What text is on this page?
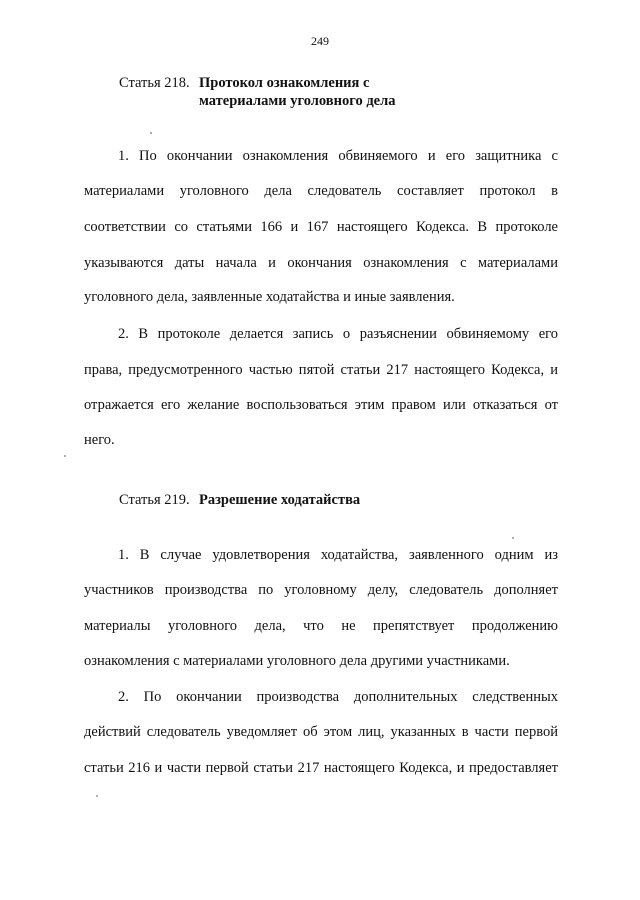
249
Статья 218. Протокол ознакомления с
материалами уголовного дела
1. По окончании ознакомления обвиняемого и его защитника с
материалами уголовного дела следователь составляет протокол в
соответствии со статьями 166 и 167 настоящего Кодекса. В протоколе
указываются даты начала и окончания ознакомления с материалами
уголовного дела, заявленные ходатайства и иные заявления.
2. В протоколе делается запись о разъяснении обвиняемому его
права, предусмотренного частью пятой статьи 217 настоящего Кодекса, и
отражается его желание воспользоваться этим правом или отказаться от
него.
Статья 219. Разрешение ходатайства
1. В случае удовлетворения ходатайства, заявленного одним из
участников производства по уголовному делу, следователь дополняет
материалы уголовного дела, что не препятствует продолжению
ознакомления с материалами уголовного дела другими участниками.
2. По окончании производства дополнительных следственных
действий следователь уведомляет об этом лиц, указанных в части первой
статьи 216 и части первой статьи 217 настоящего Кодекса, и предоставляет
